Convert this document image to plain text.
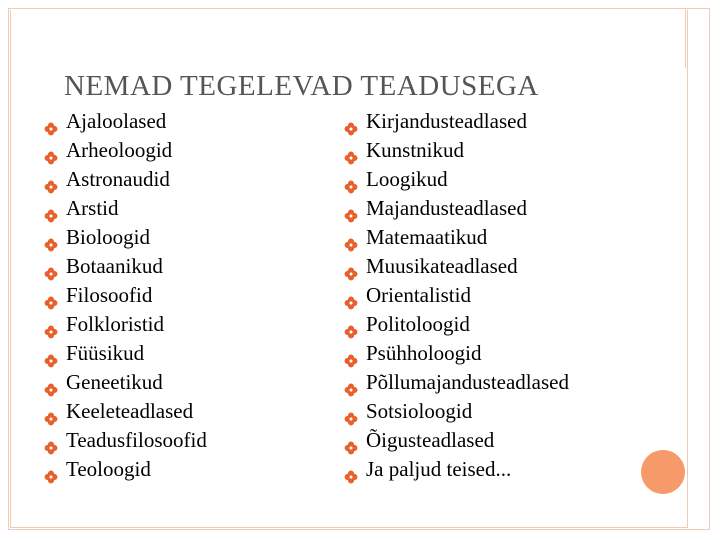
NEMAD TEGELEVAD TEADUSEGA
Ajaloolased
Arheoloogid
Astronaudid
Arstid
Bioloogid
Botaanikud
Filosoofid
Folkloristid
Füüsikud
Geneetikud
Keeleteadlased
Teadusfilosoofid
Teoloogid
Kirjandusteadlased
Kunstnikud
Loogikud
Majandusteadlased
Matemaatikud
Muusikateadlased
Orientalistid
Politoloogid
Psühholoogid
Põllumajandusteadlased
Sotsioloogid
Õigusteadlased
Ja paljud teised...
